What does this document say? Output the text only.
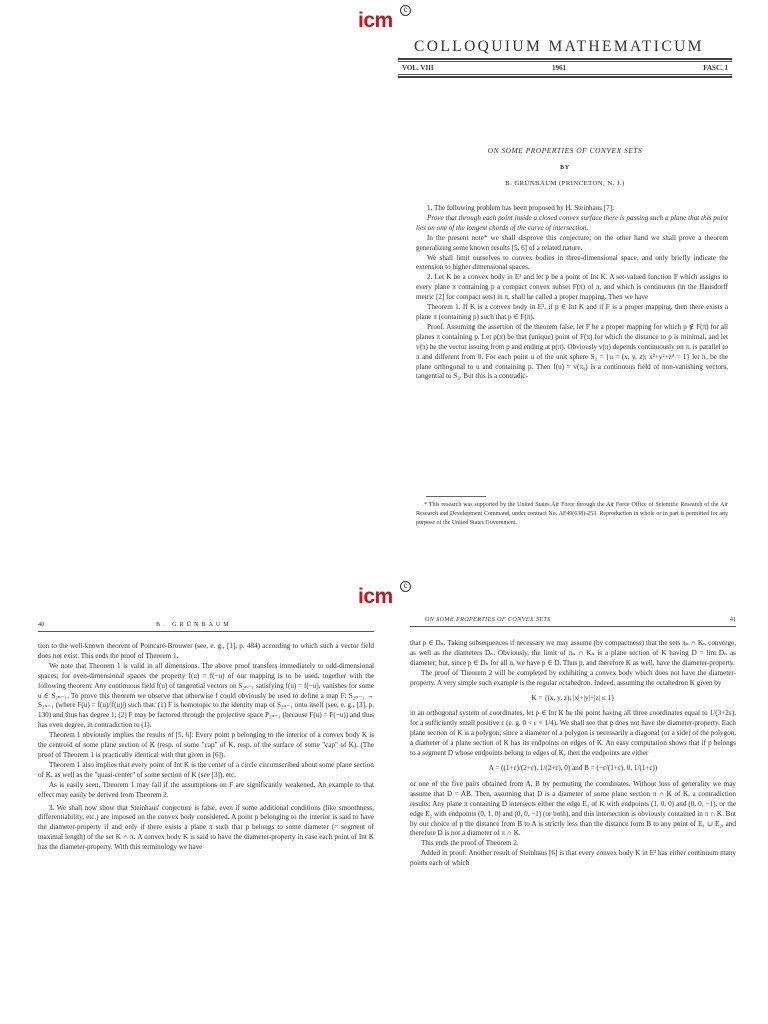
icm	c
COLLOQUIUM MATHEMATICUM
VOL. VIII	1961	FASC. 1
ON SOME PROPERTIES OF CONVEX SETS
BY
B. GRÜNBAUM (PRINCETON, N. J.)

1. The following problem has been proposed by H. Steinhaus [7]:

Prove that through each point inside a closed convex surface there is passing such a plane that this point lies on one of the longest chords of the curve of intersection.

In the present note* we shall disprove this conjecture; on the other hand we shall prove a theorem generalizing some known results [5, 6] of a related nature.

We shall limit ourselves to convex bodies in three-dimensional space, and only briefly indicate the extension to higher dimensional spaces.

2. Let K be a convex body in E³ and let p be a point of Int K. A set-valued function F which assigns to every plane π containing p a compact convex subset F(π) of π, and which is continuous (in the Hausdorff metric [2] for compact sets) in π, shall be called a proper mapping. Then we have

Theorem 1. If K is a convex body in E³, if p ∈ Int K and if F is a proper mapping, then there exists a plane π (containing p) such that p ∈ F(π).

Proof. Assuming the assertion of the theorem false, let F be a proper mapping for which p ∉ F(π) for all planes π containing p. Let p(π) be that (unique) point of F(π) for which the distance to p is minimal, and let v(π) be the vector issuing from p and ending at p(π). Obviously v(π) depends continuously on π, is parallel to π and different from 0. For each point u of the unit sphere S₂ = {u = (x, y, z); x²+y²+z² = 1} let πᵤ be the plane orthogonal to u and containing p. Then f(u) = v(πᵤ) is a continuous field of non-vanishing vectors, tangential to S₂. But this is a contradic-

* This research was supported by the United States Air Force through the Air Force Office of Scientific Research of the Air Research and Development Command, under contract No. AF49(638)-253. Reproduction in whole or in part is permitted for any purpose of the United States Government.
icm	c
40	B. GRÜNBAUM

tion to the well-known theorem of Poincaré-Brouwer (see, e. g., [1], p. 484) according to which such a vector field does not exist. This ends the proof of Theorem 1.

We note that Theorem 1 is valid in all dimensions. The above proof transfers immediately to odd-dimensional spaces; for even-dimensional spaces the property f(u) = f(−u) of our mapping is to be used, together with the following theorem: Any continuous field f(u) of tangential vectors on S₂ₙ₋₁ satisfying f(u) = f(−u), vanishes for some u ∈ S₂ₙ₋₁. To prove this theorem we observe that otherwise f could obviously be used to define a map F: S₂ₙ₋₁ → S₂ₙ₋₁ (where F(u) = f(u)/|f(u)|) such that: (1) F is homotopic to the identity map of S₂ₙ₋₁ onto itself (see, e. g., [3], p. 130) and thus has degree 1; (2) F may be factored through the projective space P₂ₙ₋₁ (because F(u) = F(−u)) and thus has even degree, in contradiction to (1).

Theorem 1 obviously implies the results of [5, 6]: Every point p belonging to the interior of a convex body K is the centroid of some plane section of K (resp. of some "cap" of K, resp. of the surface of some "cap" of K). (The proof of Theorem 1 is practically identical with that given in [6]).

Theorem 1 also implies that every point of Int K is the center of a circle circumscribed about some plane section of K, as well as the "quasi-center" of some section of K (see [3]), etc.

As is easily seen, Theorem 1 may fail if the assumptions on F are significantly weakened. An example to that effect may easily be derived from Theorem 2.

3. We shall now show that Steinhaus' conjecture is false, even if some additional conditions (like smoothness, differentiability, etc.) are imposed on the convex body considered. A point p belonging to the interior is said to have the diameter-property if and only if there exists a plane π such that p belongs to some diameter (= segment of maximal length) of the set K ∩ π. A convex body K is said to have the diameter-property in case each point of Int K has the diameter-property. With this terminology we have

ON SOME PROPERTIES OF CONVEX SETS	41

that p ∈ Dₙ. Taking subsequences if necessary we may assume (by compactness) that the sets πₙ ∩ Kₙ converge, as well as the diameters Dₙ. Obviously, the limit of πₙ ∩ Kₙ is a plane section of K having D = lim Dₙ as diameter; but, since p ∈ Dₙ for all n, we have p ∈ D. Thus p, and therefore K as well, have the diameter-property.

The proof of Theorem 2 will be completed by exhibiting a convex body which does not have the diameter-property. A very simple such example is the regular octahedron. Indeed, assuming the octahedron K given by

K = {(x, y, z); |x|+|y|+|z| ≤ 1}

in an orthogonal system of coordinates, let p ∈ Int K be the point having all three coordinates equal to 1/(3+2ε), for a sufficiently small positive ε (e. g. 0 < ε < 1/4). We shall see that p does not have the diameter-property. Each plane section of K is a polygon; since a diameter of a polygon is necessarily a diagonal (or a side) of the polygon, a diameter of a plane section of K has its endpoints on edges of K. An easy computation shows that if p belongs to a segment D whose endpoints belong to edges of K, then the endpoints are either

A = ((1+ε)/(2+ε), 1/(2+ε), 0) and B = (−ε/(1+ε), 0, 1/(1+ε))

or one of the five pairs obtained from A, B by permuting the coordinates. Without loss of generality we may assume that D = AB. Then, assuming that D is a diameter of some plane section π ∩ K of K, a contradiction results: Any plane π containing D intersects either the edge E₁ of K with endpoints (1, 0, 0) and (0, 0, −1), or the edge E₂ with endpoints (0, 1, 0) and (0, 0, −1) (or both), and this intersection is obviously contained in π ∩ K. But by our choice of p the distance from B to A is strictly less than the distance form B to any point of E₁ ∪ E₂, and therefore D is not a diameter of π ∩ K.

This ends the proof of Theorem 2.

Added in proof: Another result of Steinhaus [6] is that every convex body K in E³ has either continuum many points each of which
